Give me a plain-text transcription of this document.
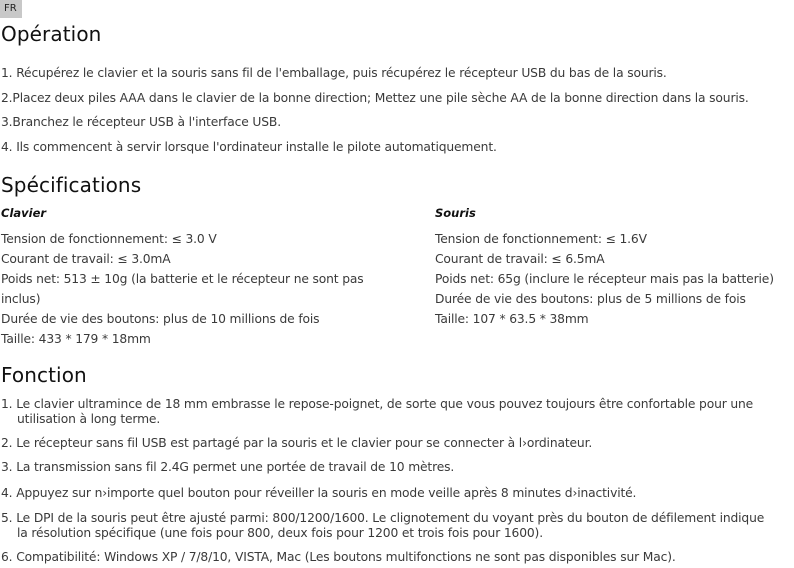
FR
Opération

1. Récupérez le clavier et la souris sans fil de l'emballage, puis récupérez le récepteur USB du bas de la souris.

2.Placez deux piles AAA dans le clavier de la bonne direction; Mettez une pile sèche AA de la bonne direction dans la souris.

3.Branchez le récepteur USB à l'interface USB.

4. Ils commencent à servir lorsque l'ordinateur installe le pilote automatiquement.

Spécifications

Clavier

Tension de fonctionnement: ≤ 3.0 V
Courant de travail: ≤ 3.0mA
Poids net: 513 ± 10g (la batterie et le récepteur ne sont pas
inclus)
Durée de vie des boutons: plus de 10 millions de fois
Taille: 433 * 179 * 18mm

Souris

Tension de fonctionnement: ≤ 1.6V
Courant de travail: ≤ 6.5mA
Poids net: 65g (inclure le récepteur mais pas la batterie)
Durée de vie des boutons: plus de 5 millions de fois
Taille: 107 * 63.5 * 38mm
Fonction
1. Le clavier ultramince de 18 mm embrasse le repose-poignet, de sorte que vous pouvez toujours être confortable pour une
utilisation à long terme.
2. Le récepteur sans fil USB est partagé par la souris et le clavier pour se connecter à l›ordinateur.
3. La transmission sans fil 2.4G permet une portée de travail de 10 mètres.
4. Appuyez sur n›importe quel bouton pour réveiller la souris en mode veille après 8 minutes d›inactivité.
5. Le DPI de la souris peut être ajusté parmi: 800/1200/1600. Le clignotement du voyant près du bouton de défilement indique
la résolution spécifique (une fois pour 800, deux fois pour 1200 et trois fois pour 1600).
6. Compatibilité: Windows XP / 7/8/10, VISTA, Mac (Les boutons multifonctions ne sont pas disponibles sur Mac).
